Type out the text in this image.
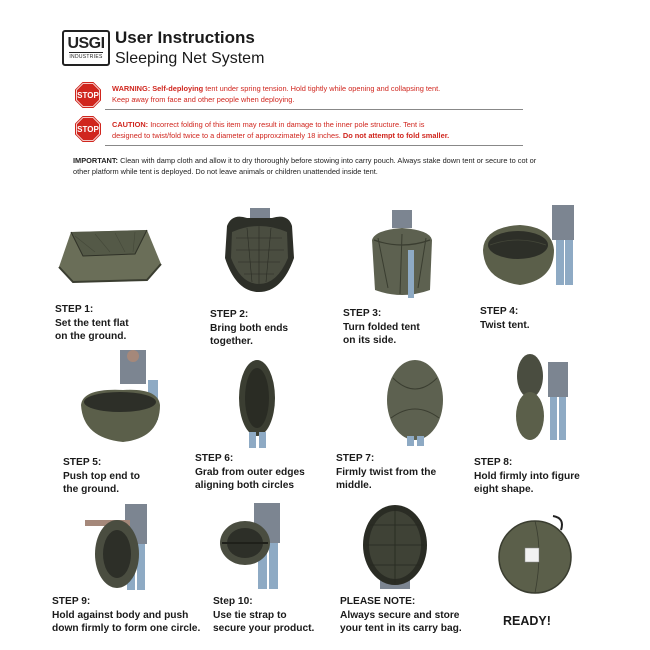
USGI
INDUSTRIES
User Instructions
Sleeping Net System
STOP
WARNING: Self-deploying tent under spring tension. Hold tightly while opening and collapsing tent.
Keep away from face and other people when deploying.
STOP
CAUTION: Incorrect folding of this item may result in damage to the inner pole structure. Tent is
designed to twist/fold twice to a diameter of approxzimately 18 inches. Do not attempt to fold smaller.
IMPORTANT: Clean with damp cloth and allow it to dry thoroughly before stowing into carry pouch. Always stake down tent or secure to cot or other platform while tent is deployed. Do not leave animals or children unattended inside tent.
STEP 1:
Set the tent flat
on the ground.
STEP 2:
Bring both ends
together.
STEP 3:
Turn folded tent
on its side.
STEP 4:
Twist tent.
STEP 5:
Push top end to
the ground.
STEP 6:
Grab from outer edges
aligning both circles
STEP 7:
Firmly twist from the
middle.
STEP 8:
Hold firmly into figure
eight shape.
STEP 9:
Hold against body and push
down firmly to form one circle.
Step 10:
Use tie strap to
secure your product.
PLEASE NOTE:
Always secure and store
your tent in its carry bag.
READY!
